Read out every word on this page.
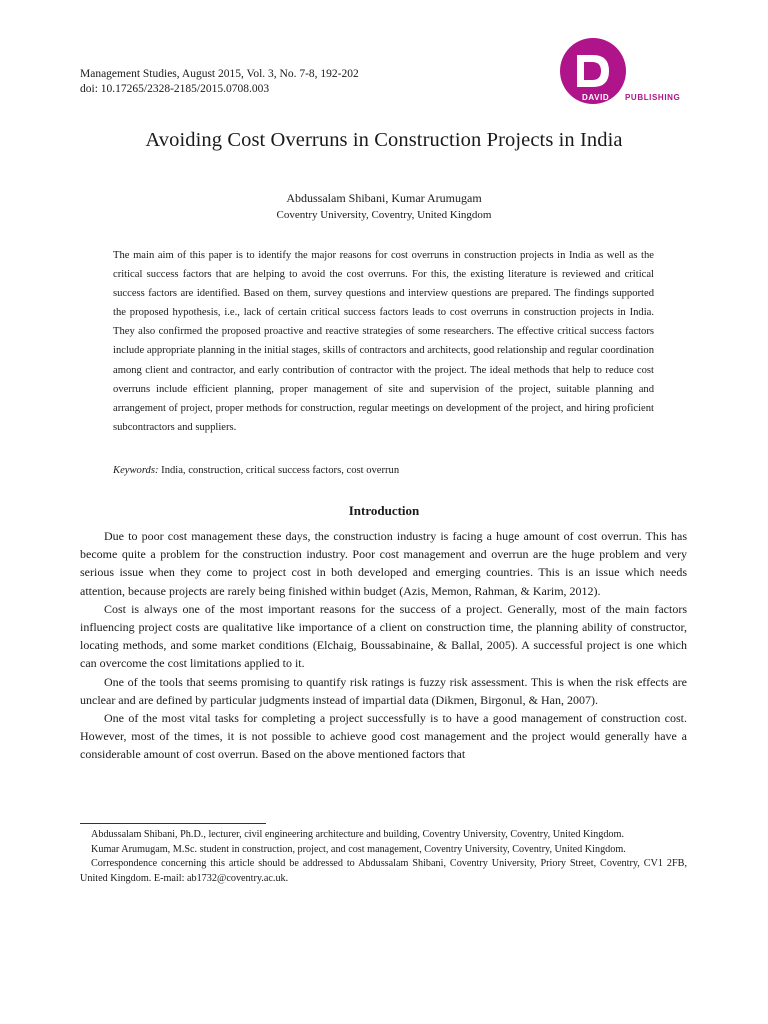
Management Studies, August 2015, Vol. 3, No. 7-8, 192-202
doi: 10.17265/2328-2185/2015.0708.003
DAVID PUBLISHING
Avoiding Cost Overruns in Construction Projects in India
Abdussalam Shibani, Kumar Arumugam
Coventry University, Coventry, United Kingdom

The main aim of this paper is to identify the major reasons for cost overruns in construction projects in India as well as the critical success factors that are helping to avoid the cost overruns. For this, the existing literature is reviewed and critical success factors are identified. Based on them, survey questions and interview questions are prepared. The findings supported the proposed hypothesis, i.e., lack of certain critical success factors leads to cost overruns in construction projects in India. They also confirmed the proposed proactive and reactive strategies of some researchers. The effective critical success factors include appropriate planning in the initial stages, skills of contractors and architects, good relationship and regular coordination among client and contractor, and early contribution of contractor with the project. The ideal methods that help to reduce cost overruns include efficient planning, proper management of site and supervision of the project, suitable planning and arrangement of project, proper methods for construction, regular meetings on development of the project, and hiring proficient subcontractors and suppliers.

Keywords: India, construction, critical success factors, cost overrun
Introduction

Due to poor cost management these days, the construction industry is facing a huge amount of cost overrun. This has become quite a problem for the construction industry. Poor cost management and overrun are the huge problem and very serious issue when they come to project cost in both developed and emerging countries. This is an issue which needs attention, because projects are rarely being finished within budget (Azis, Memon, Rahman, & Karim, 2012).

Cost is always one of the most important reasons for the success of a project. Generally, most of the main factors influencing project costs are qualitative like importance of a client on construction time, the planning ability of constructor, locating methods, and some market conditions (Elchaig, Boussabinaine, & Ballal, 2005). A successful project is one which can overcome the cost limitations applied to it.

One of the tools that seems promising to quantify risk ratings is fuzzy risk assessment. This is when the risk effects are unclear and are defined by particular judgments instead of impartial data (Dikmen, Birgonul, & Han, 2007).

One of the most vital tasks for completing a project successfully is to have a good management of construction cost. However, most of the times, it is not possible to achieve good cost management and the project would generally have a considerable amount of cost overrun. Based on the above mentioned factors that

Abdussalam Shibani, Ph.D., lecturer, civil engineering architecture and building, Coventry University, Coventry, United Kingdom.

Kumar Arumugam, M.Sc. student in construction, project, and cost management, Coventry University, Coventry, United Kingdom.

Correspondence concerning this article should be addressed to Abdussalam Shibani, Coventry University, Priory Street, Coventry, CV1 2FB, United Kingdom. E-mail: ab1732@coventry.ac.uk.
